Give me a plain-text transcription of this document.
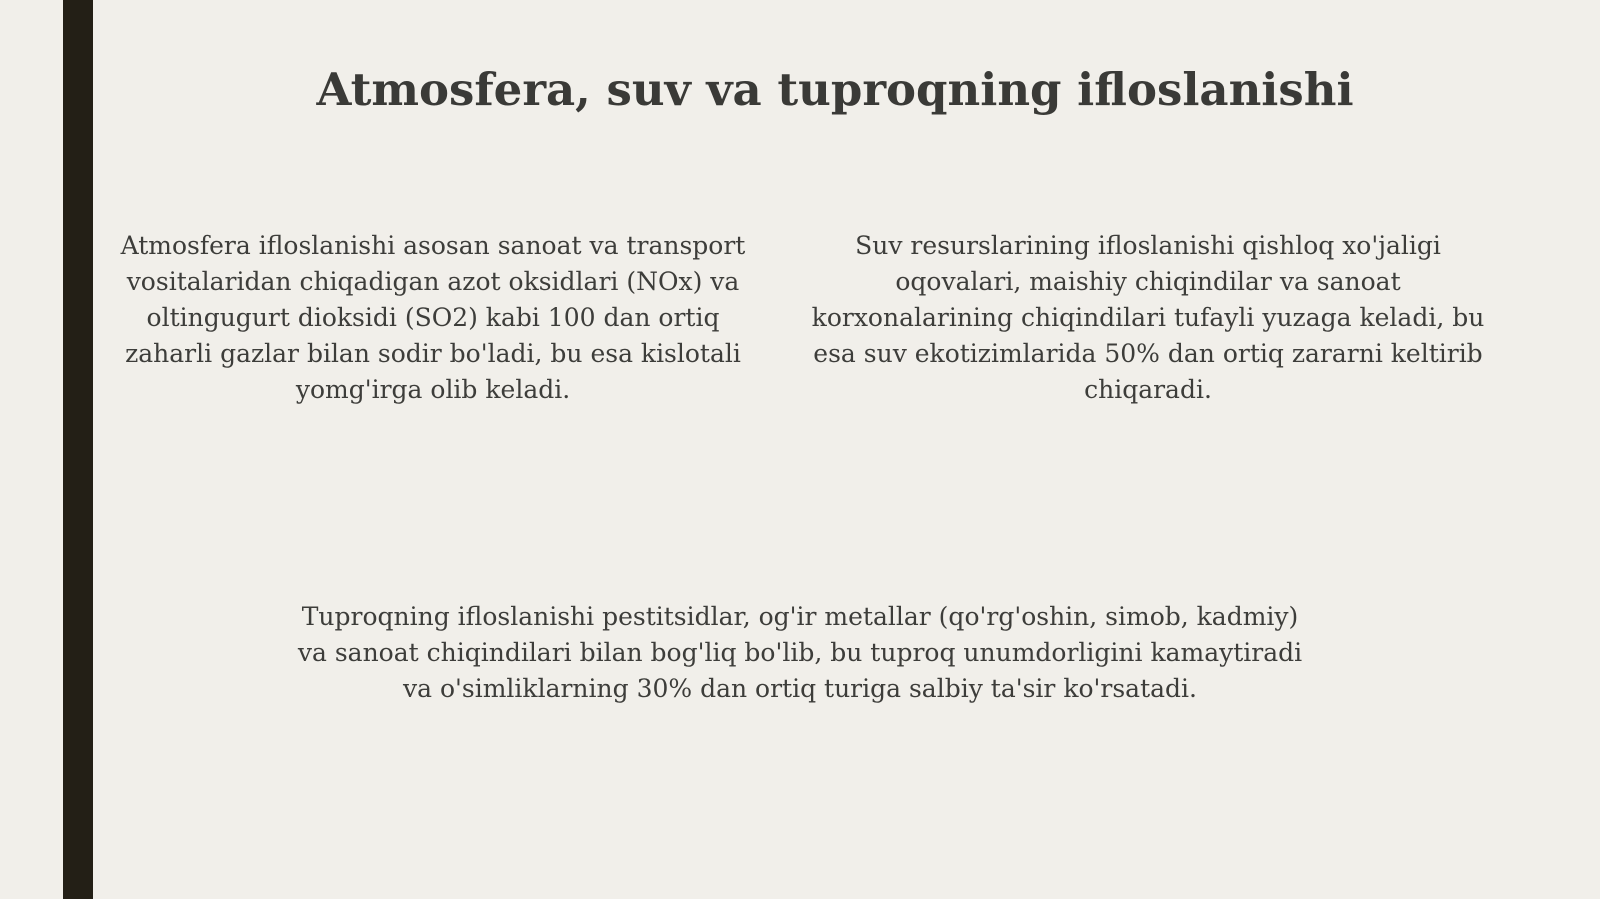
Atmosfera, suv va tuproqning ifloslanishi

Atmosfera ifloslanishi asosan sanoat va transport vositalaridan chiqadigan azot oksidlari (NOx) va oltingugurt dioksidi (SO2) kabi 100 dan ortiq zaharli gazlar bilan sodir bo'ladi, bu esa kislotali yomg'irga olib keladi.

Suv resurslarining ifloslanishi qishloq xo'jaligi oqovalari, maishiy chiqindilar va sanoat korxonalarining chiqindilari tufayli yuzaga keladi, bu esa suv ekotizimlarida 50% dan ortiq zararni keltirib chiqaradi.

Tuproqning ifloslanishi pestitsidlar, og'ir metallar (qo'rg'oshin, simob, kadmiy) va sanoat chiqindilari bilan bog'liq bo'lib, bu tuproq unumdorligini kamaytiradi va o'simliklarning 30% dan ortiq turiga salbiy ta'sir ko'rsatadi.
